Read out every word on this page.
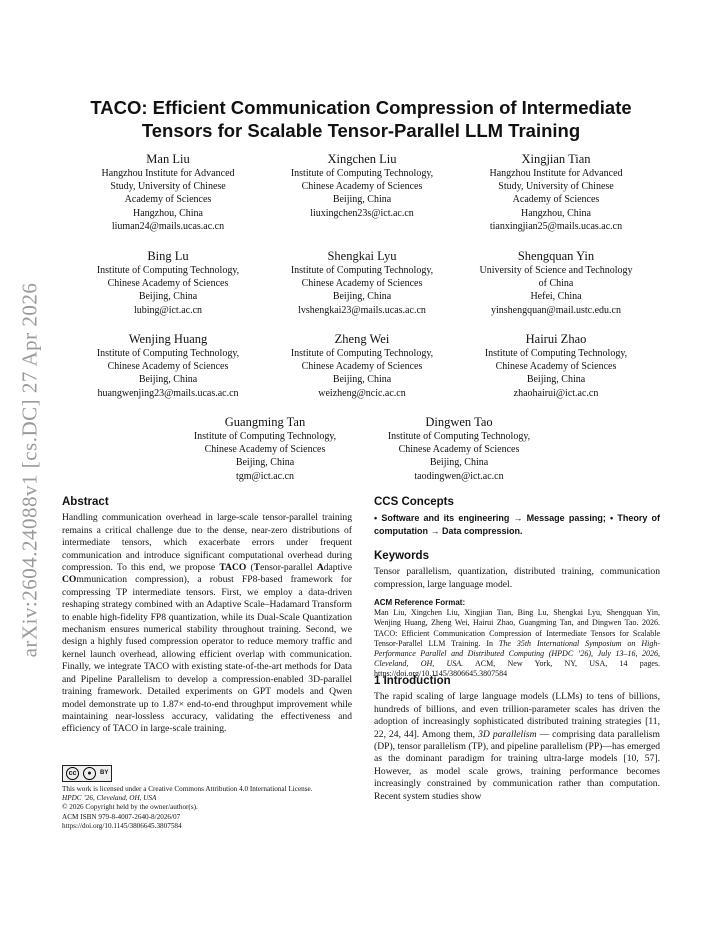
arXiv:2604.24088v1 [cs.DC] 27 Apr 2026
TACO: Efficient Communication Compression of Intermediate
Tensors for Scalable Tensor-Parallel LLM Training
Man Liu
Hangzhou Institute for Advanced
Study, University of Chinese
Academy of Sciences
Hangzhou, China
liuman24@mails.ucas.ac.cn
Xingchen Liu
Institute of Computing Technology,
Chinese Academy of Sciences
Beijing, China
liuxingchen23s@ict.ac.cn
Xingjian Tian
Hangzhou Institute for Advanced
Study, University of Chinese
Academy of Sciences
Hangzhou, China
tianxingjian25@mails.ucas.ac.cn
Bing Lu
Institute of Computing Technology,
Chinese Academy of Sciences
Beijing, China
lubing@ict.ac.cn
Shengkai Lyu
Institute of Computing Technology,
Chinese Academy of Sciences
Beijing, China
lvshengkai23@mails.ucas.ac.cn
Shengquan Yin
University of Science and Technology
of China
Hefei, China
yinshengquan@mail.ustc.edu.cn
Wenjing Huang
Institute of Computing Technology,
Chinese Academy of Sciences
Beijing, China
huangwenjing23@mails.ucas.ac.cn
Zheng Wei
Institute of Computing Technology,
Chinese Academy of Sciences
Beijing, China
weizheng@ncic.ac.cn
Hairui Zhao
Institute of Computing Technology,
Chinese Academy of Sciences
Beijing, China
zhaohairui@ict.ac.cn
Guangming Tan
Institute of Computing Technology,
Chinese Academy of Sciences
Beijing, China
tgm@ict.ac.cn
Dingwen Tao
Institute of Computing Technology,
Chinese Academy of Sciences
Beijing, China
taodingwen@ict.ac.cn
Abstract

Handling communication overhead in large-scale tensor-parallel training remains a critical challenge due to the dense, near-zero distributions of intermediate tensors, which exacerbate errors under frequent communication and introduce significant computational overhead during compression. To this end, we propose TACO (Tensor-parallel Adaptive COmmunication compression), a robust FP8-based framework for compressing TP intermediate tensors. First, we employ a data-driven reshaping strategy combined with an Adaptive Scale–Hadamard Transform to enable high-fidelity FP8 quantization, while its Dual-Scale Quantization mechanism ensures numerical stability throughout training. Second, we design a highly fused compression operator to reduce memory traffic and kernel launch overhead, allowing efficient overlap with communication. Finally, we integrate TACO with existing state-of-the-art methods for Data and Pipeline Parallelism to develop a compression-enabled 3D-parallel training framework. Detailed experiments on GPT models and Qwen model demonstrate up to 1.87× end-to-end throughput improvement while maintaining near-lossless accuracy, validating the effectiveness and efficiency of TACO in large-scale training.

cc	●	BY
This work is licensed under a Creative Commons Attribution 4.0 International License.
HPDC ’26, Cleveland, OH, USA
© 2026 Copyright held by the owner/author(s).
ACM ISBN 979-8-4007-2640-8/2026/07
https://doi.org/10.1145/3806645.3807584
CCS Concepts

• Software and its engineering → Message passing; • Theory of computation → Data compression.

Keywords

Tensor parallelism, quantization, distributed training, communication compression, large language model.

ACM Reference Format:

Man Liu, Xingchen Liu, Xingjian Tian, Bing Lu, Shengkai Lyu, Shengquan Yin, Wenjing Huang, Zheng Wei, Hairui Zhao, Guangming Tan, and Dingwen Tao. 2026. TACO: Efficient Communication Compression of Intermediate Tensors for Scalable Tensor-Parallel LLM Training. In The 35th International Symposium on High-Performance Parallel and Distributed Computing (HPDC ’26), July 13–16, 2026, Cleveland, OH, USA. ACM, New York, NY, USA, 14 pages. https://doi.org/10.1145/3806645.3807584

1 Introduction

The rapid scaling of large language models (LLMs) to tens of billions, hundreds of billions, and even trillion-parameter scales has driven the adoption of increasingly sophisticated distributed training strategies [11, 22, 24, 44]. Among them, 3D parallelism — comprising data parallelism (DP), tensor parallelism (TP), and pipeline parallelism (PP)—has emerged as the dominant paradigm for training ultra-large models [10, 57]. However, as model scale grows, training performance becomes increasingly constrained by communication rather than computation. Recent system studies show
